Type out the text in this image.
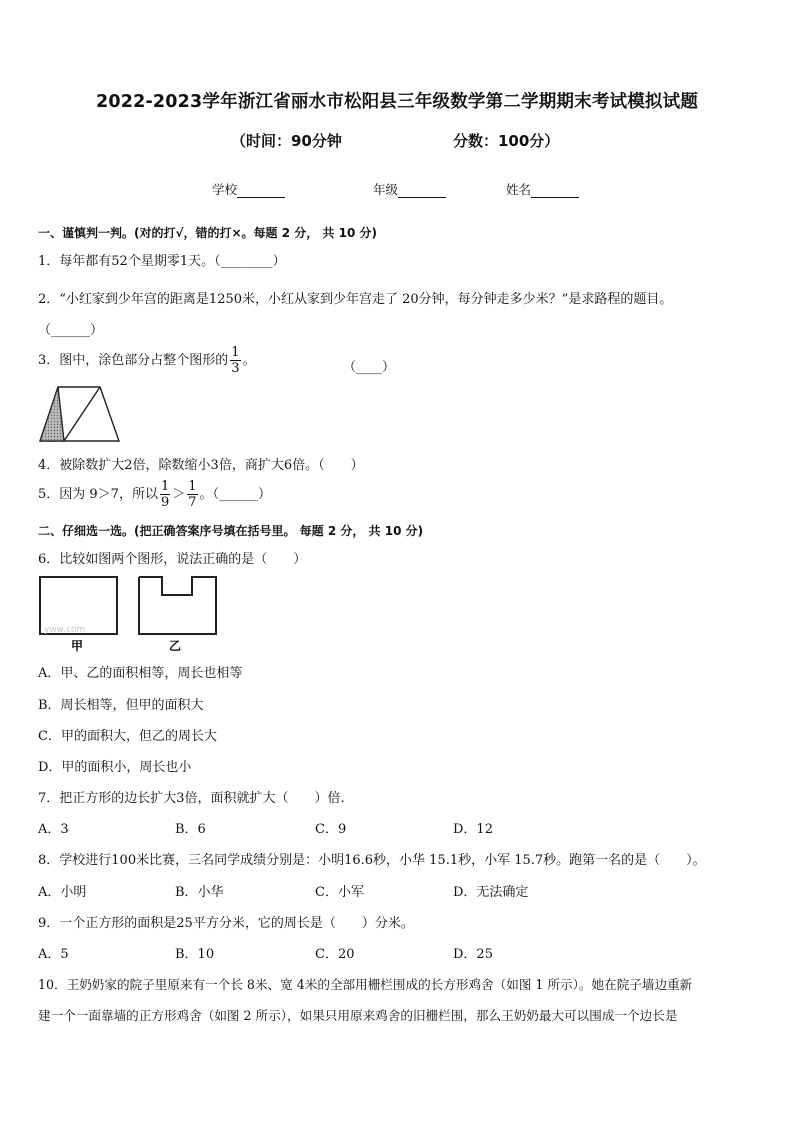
2022-2023学年浙江省丽水市松阳县三年级数学第二学期期末考试模拟试题
（时间：90分钟	分数：100分）
学校	年级	姓名
一、谨慎判一判。(对的打√，错的打×。每题 2 分， 共 10 分)
1．每年都有52个星期零1天。（________）
2．“小红家到少年宫的距离是1250米，小红从家到少年宫走了 20分钟，每分钟走多少米？”是求路程的题目。
（______）
3．图中，涂色部分占整个图形的 $\frac{1}{3}$ 。	（____）
4．被除数扩大2倍，除数缩小3倍，商扩大6倍。（　　）
5．因为 9＞7，所以 $\frac{1}{9} > \frac{1}{7}$ 。（______）
二、仔细选一选。(把正确答案序号填在括号里。 每题 2 分， 共 10 分)
6．比较如图两个图形，说法正确的是（　　）
yww.com
甲	乙
A．甲、乙的面积相等，周长也相等
B．周长相等，但甲的面积大
C．甲的面积大，但乙的周长大
D．甲的面积小，周长也小
7．把正方形的边长扩大3倍，面积就扩大（　　）倍.
A．3	B．6	C．9	D．12
8．学校进行100米比赛，三名同学成绩分别是：小明16.6秒，小华 15.1秒，小军 15.7秒。跑第一名的是（　　）。
A．小明	B．小华	C．小军	D．无法确定
9．一个正方形的面积是25平方分米，它的周长是（　　）分米。
A．5	B．10	C．20	D．25
10．王奶奶家的院子里原来有一个长 8米、宽 4米的全部用栅栏围成的长方形鸡舍（如图 1 所示）。她在院子墙边重新
建一个一面靠墙的正方形鸡舍（如图 2 所示），如果只用原来鸡舍的旧栅栏围，那么王奶奶最大可以围成一个边长是
